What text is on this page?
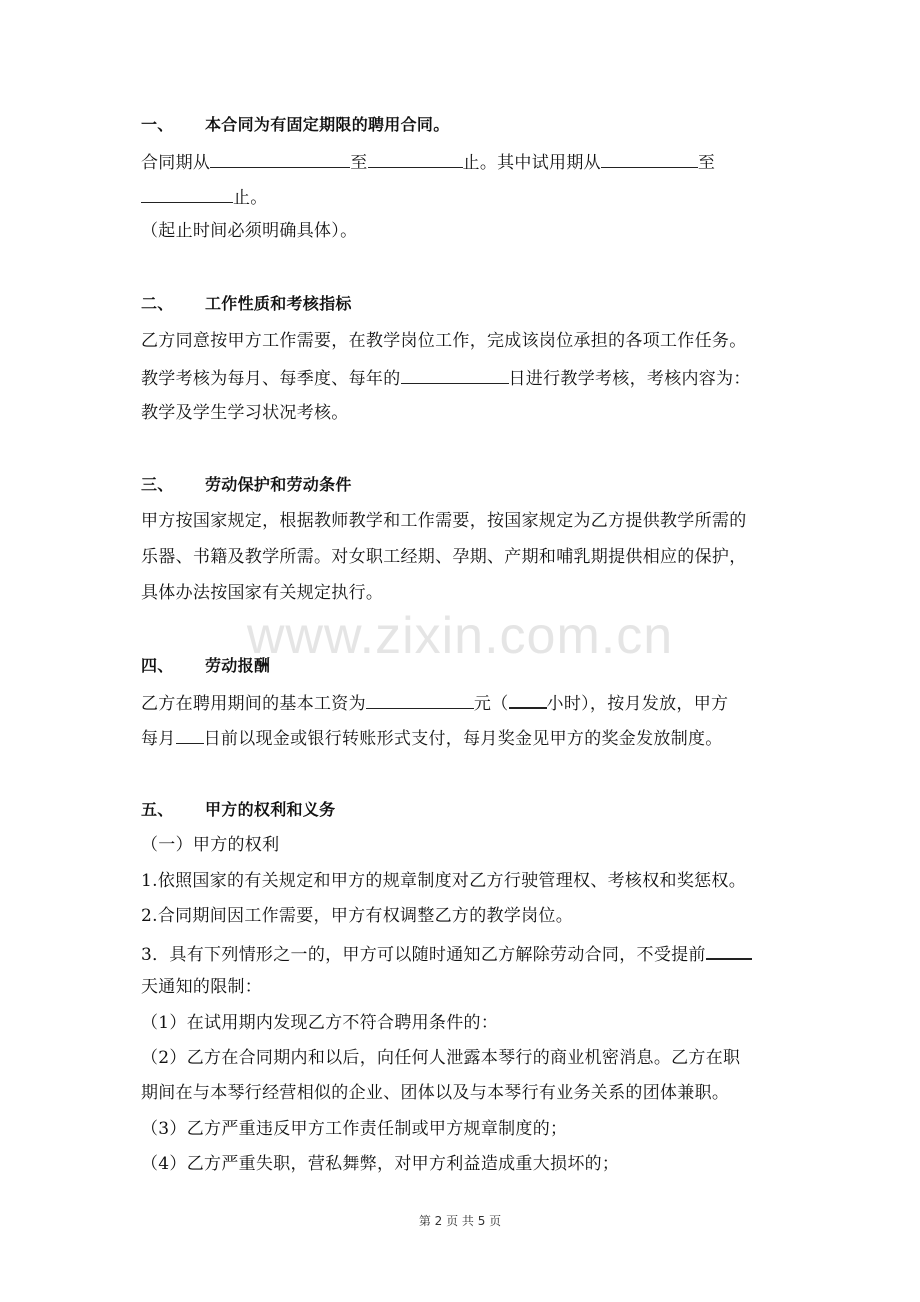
一、 本合同为有固定期限的聘用合同。
合同期从	至	止。其中试用期从	至
止。
（起止时间必须明确具体）。
二、 工作性质和考核指标
乙方同意按甲方工作需要，在教学岗位工作，完成该岗位承担的各项工作任务。
教学考核为每月、每季度、每年的	日进行教学考核，考核内容为：
教学及学生学习状况考核。
三、 劳动保护和劳动条件
甲方按国家规定，根据教师教学和工作需要，按国家规定为乙方提供教学所需的
乐器、书籍及教学所需。对女职工经期、孕期、产期和哺乳期提供相应的保护，
具体办法按国家有关规定执行。
www.zixin.com.cn
四、 劳动报酬
乙方在聘用期间的基本工资为	元（ 小时），按月发放，甲方
每月 日前以现金或银行转账形式支付，每月奖金见甲方的奖金发放制度。
五、 甲方的权利和义务
（一）甲方的权利
1.依照国家的有关规定和甲方的规章制度对乙方行驶管理权、考核权和奖惩权。
2.合同期间因工作需要，甲方有权调整乙方的教学岗位。
3．具有下列情形之一的，甲方可以随时通知乙方解除劳动合同，不受提前
天通知的限制：
（1）在试用期内发现乙方不符合聘用条件的：
（2）乙方在合同期内和以后，向任何人泄露本琴行的商业机密消息。乙方在职
期间在与本琴行经营相似的企业、团体以及与本琴行有业务关系的团体兼职。
（3）乙方严重违反甲方工作责任制或甲方规章制度的；
（4）乙方严重失职，营私舞弊，对甲方利益造成重大损坏的；
第 2 页 共 5 页
